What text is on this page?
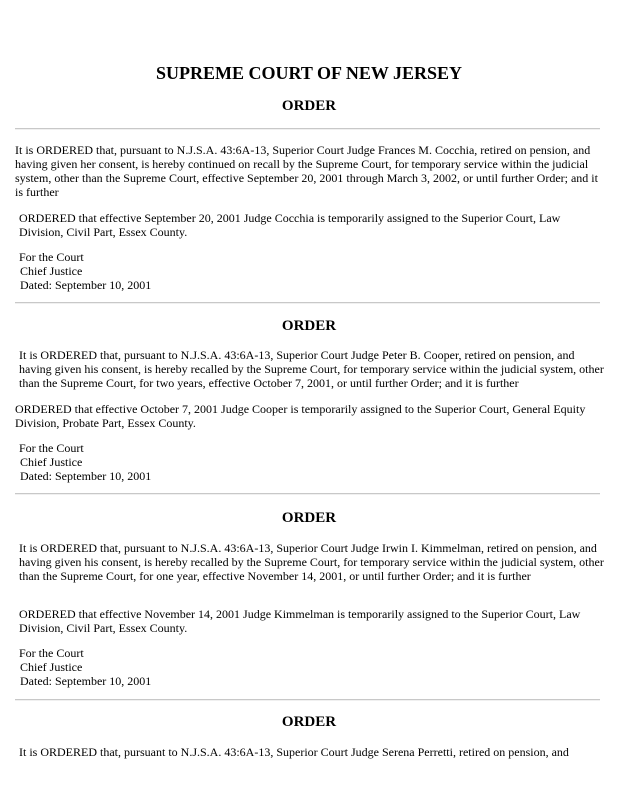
SUPREME COURT OF NEW JERSEY
ORDER

It is ORDERED that, pursuant to N.J.S.A. 43:6A-13, Superior Court Judge Frances M. Cocchia, retired on pension, and having given her consent, is hereby continued on recall by the Supreme Court, for temporary service within the judicial system, other than the Supreme Court, effective September 20, 2001 through March 3, 2002, or until further Order; and it is further

ORDERED that effective September 20, 2001 Judge Cocchia is temporarily assigned to the Superior Court, Law Division, Civil Part, Essex County.

For the Court
Chief Justice
Dated: September 10, 2001

ORDER

It is ORDERED that, pursuant to N.J.S.A. 43:6A-13, Superior Court Judge Peter B. Cooper, retired on pension, and having given his consent, is hereby recalled by the Supreme Court, for temporary service within the judicial system, other than the Supreme Court, for two years, effective October 7, 2001, or until further Order; and it is further

ORDERED that effective October 7, 2001 Judge Cooper is temporarily assigned to the Superior Court, General Equity Division, Probate Part, Essex County.

For the Court
Chief Justice
Dated: September 10, 2001

ORDER

It is ORDERED that, pursuant to N.J.S.A. 43:6A-13, Superior Court Judge Irwin I. Kimmelman, retired on pension, and having given his consent, is hereby recalled by the Supreme Court, for temporary service within the judicial system, other than the Supreme Court, for one year, effective November 14, 2001, or until further Order; and it is further

ORDERED that effective November 14, 2001 Judge Kimmelman is temporarily assigned to the Superior Court, Law Division, Civil Part, Essex County.

For the Court
Chief Justice
Dated: September 10, 2001

ORDER

It is ORDERED that, pursuant to N.J.S.A. 43:6A-13, Superior Court Judge Serena Perretti, retired on pension, and
